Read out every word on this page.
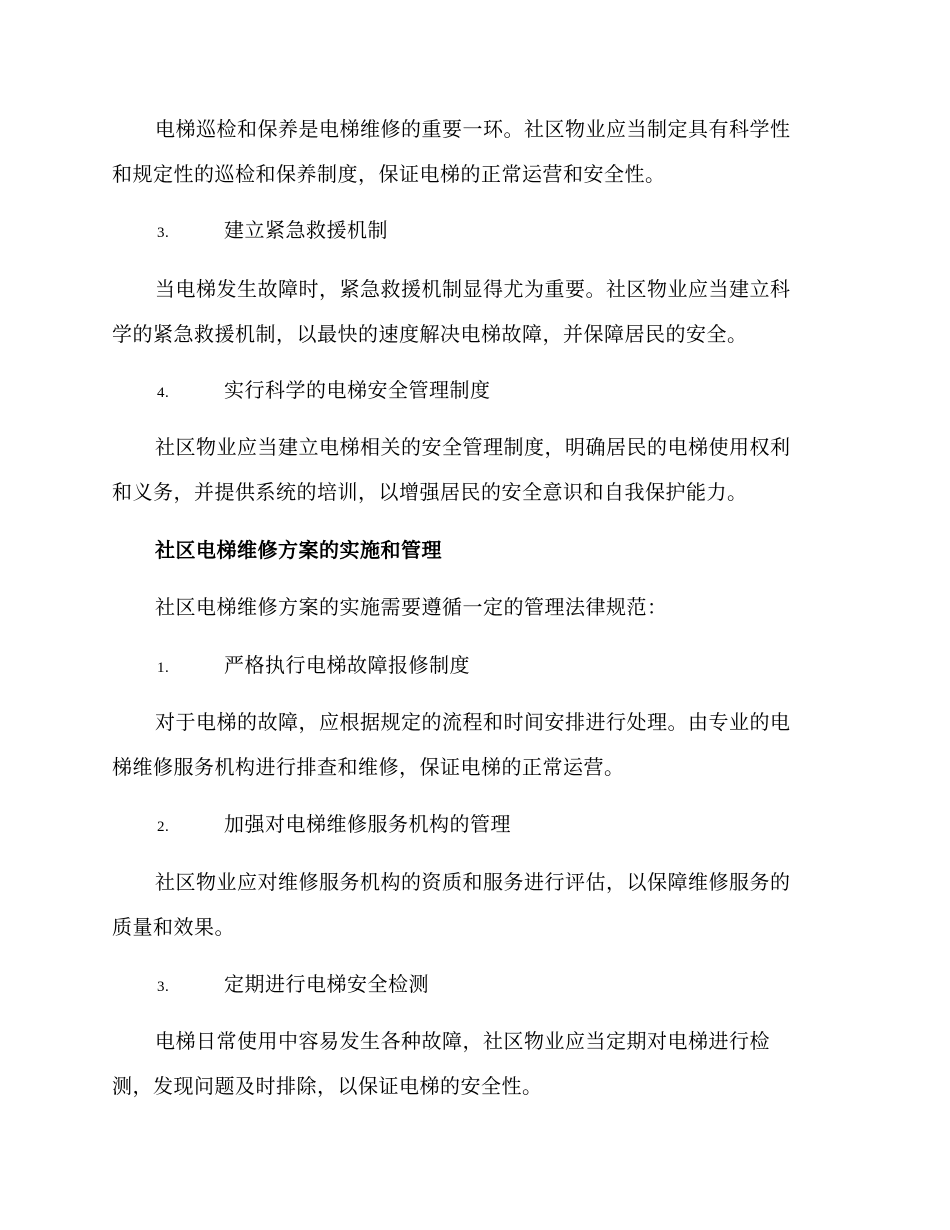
电梯巡检和保养是电梯维修的重要一环。社区物业应当制定具有科学性
和规定性的巡检和保养制度，保证电梯的正常运营和安全性。
3.	建立紧急救援机制
当电梯发生故障时，紧急救援机制显得尤为重要。社区物业应当建立科
学的紧急救援机制，以最快的速度解决电梯故障，并保障居民的安全。
4.	实行科学的电梯安全管理制度
社区物业应当建立电梯相关的安全管理制度，明确居民的电梯使用权利
和义务，并提供系统的培训，以增强居民的安全意识和自我保护能力。
社区电梯维修方案的实施和管理
社区电梯维修方案的实施需要遵循一定的管理法律规范：
1.	严格执行电梯故障报修制度
对于电梯的故障，应根据规定的流程和时间安排进行处理。由专业的电
梯维修服务机构进行排查和维修，保证电梯的正常运营。
2.	加强对电梯维修服务机构的管理
社区物业应对维修服务机构的资质和服务进行评估，以保障维修服务的
质量和效果。
3.	定期进行电梯安全检测
电梯日常使用中容易发生各种故障，社区物业应当定期对电梯进行检
测，发现问题及时排除，以保证电梯的安全性。
